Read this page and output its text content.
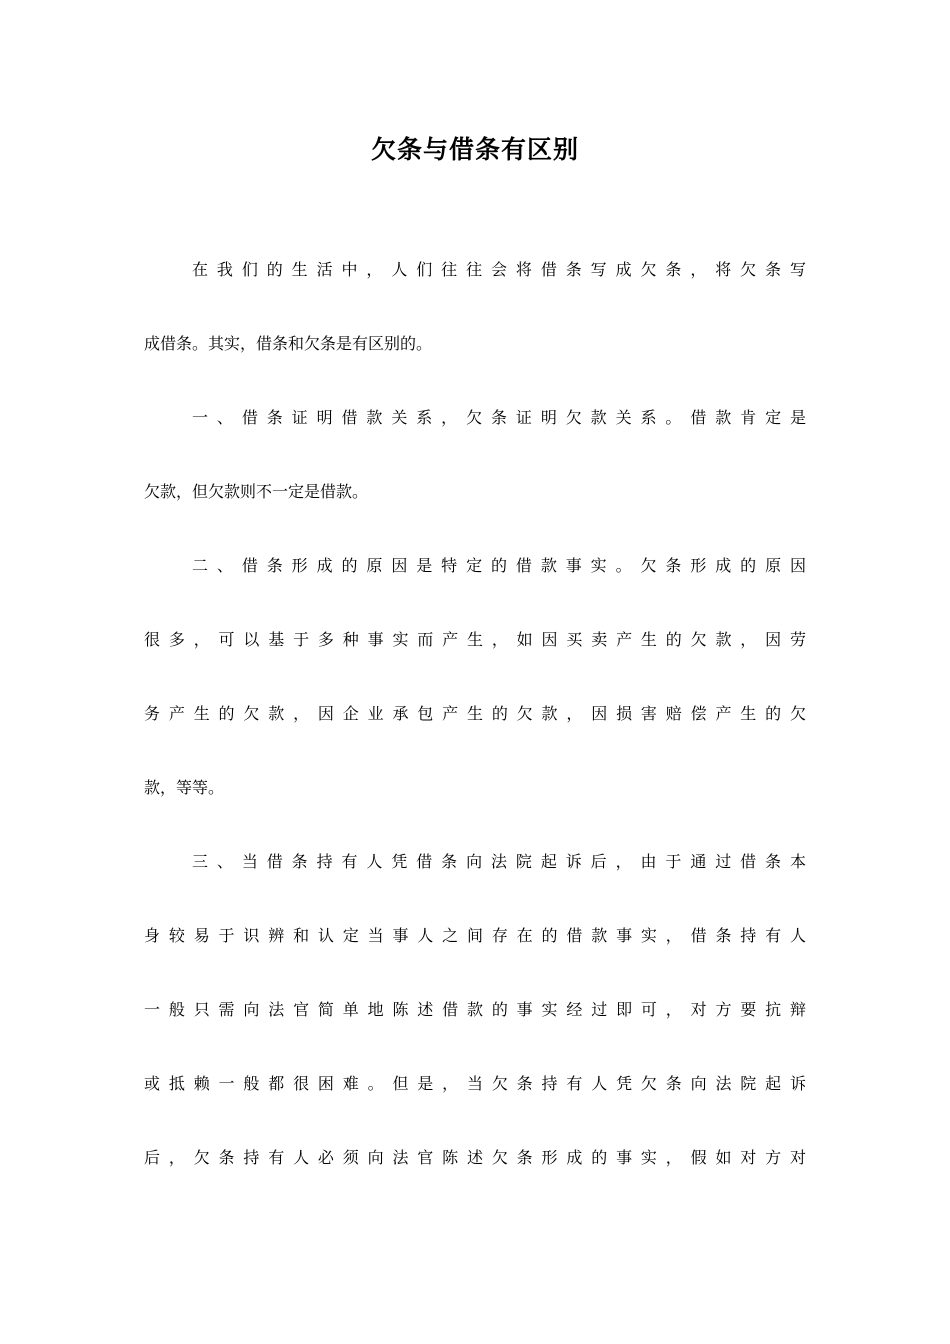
欠条与借条有区别
在我们的生活中，人们往往会将借条写成欠条，将欠条写
成借条。其实，借条和欠条是有区别的。
一、借条证明借款关系，欠条证明欠款关系。借款肯定是
欠款，但欠款则不一定是借款。
二、借条形成的原因是特定的借款事实。欠条形成的原因
很多，可以基于多种事实而产生，如因买卖产生的欠款，因劳
务产生的欠款，因企业承包产生的欠款，因损害赔偿产生的欠
款，等等。
三、当借条持有人凭借条向法院起诉后，由于通过借条本
身较易于识辨和认定当事人之间存在的借款事实，借条持有人
一般只需向法官简单地陈述借款的事实经过即可，对方要抗辩
或抵赖一般都很困难。但是，当欠条持有人凭欠条向法院起诉
后，欠条持有人必须向法官陈述欠条形成的事实，假如对方对
